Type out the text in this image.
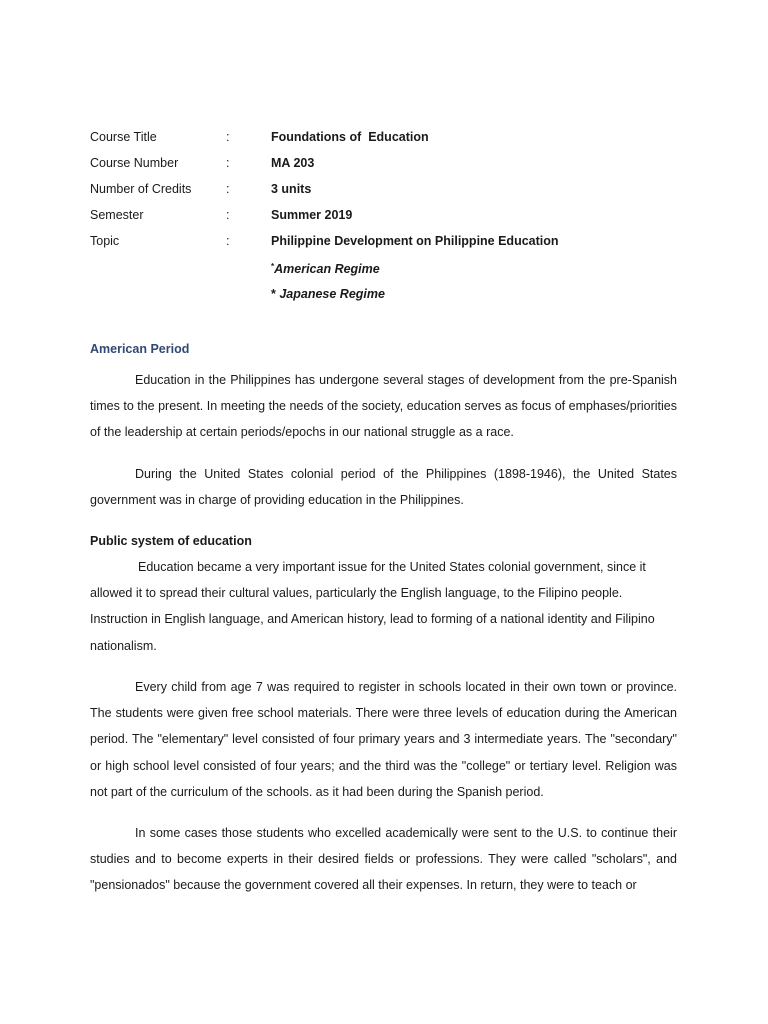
Course Title	:	Foundations of  Education
Course Number	:	MA 203
Number of Credits	:	3 units
Semester	:	Summer 2019
Topic	:	Philippine Development on Philippine Education
*American Regime
* Japanese Regime
American Period

Education in the Philippines has undergone several stages of development from the pre-Spanish times to the present. In meeting the needs of the society, education serves as focus of emphases/priorities of the leadership at certain periods/epochs in our national struggle as a race.

During the United States colonial period of the Philippines (1898-1946), the United States government was in charge of providing education in the Philippines.

Public system of education

Education became a very important issue for the United States colonial government, since it allowed it to spread their cultural values, particularly the English language, to the Filipino people. Instruction in English language, and American history, lead to forming of a national identity and Filipino nationalism.

Every child from age 7 was required to register in schools located in their own town or province. The students were given free school materials. There were three levels of education during the American period. The "elementary" level consisted of four primary years and 3 intermediate years. The "secondary" or high school level consisted of four years; and the third was the "college" or tertiary level. Religion was not part of the curriculum of the schools. as it had been during the Spanish period.

In some cases those students who excelled academically were sent to the U.S. to continue their studies and to become experts in their desired fields or professions. They were called "scholars", and "pensionados" because the government covered all their expenses. In return, they were to teach or
